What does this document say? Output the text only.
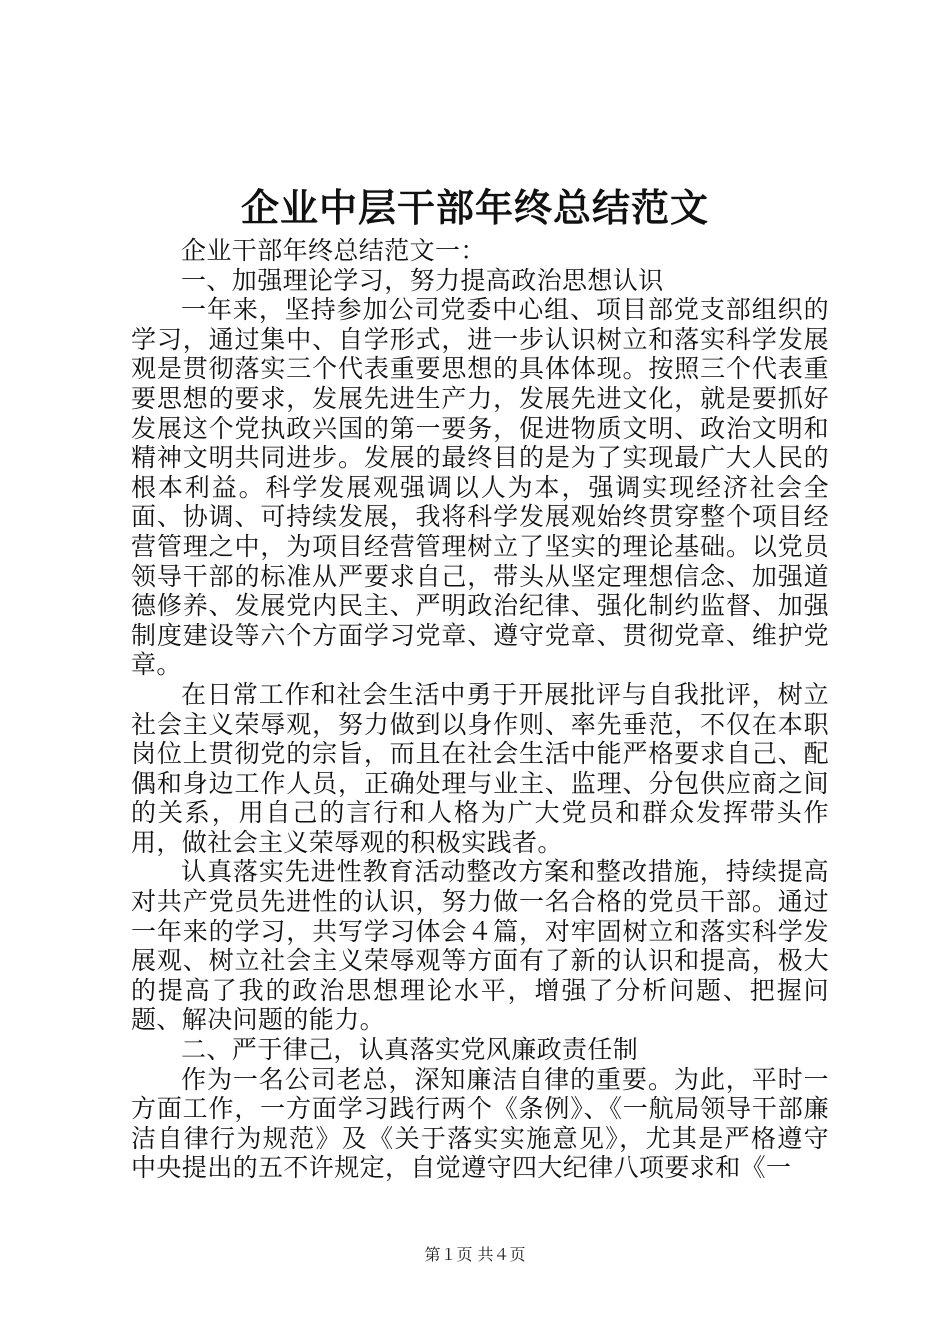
企业中层干部年终总结范文

企业干部年终总结范文一：

一、加强理论学习，努力提高政治思想认识

一年来，坚持参加公司党委中心组、项目部党支部组织的学习，通过集中、自学形式，进一步认识树立和落实科学发展观是贯彻落实三个代表重要思想的具体体现。按照三个代表重要思想的要求，发展先进生产力，发展先进文化，就是要抓好发展这个党执政兴国的第一要务，促进物质文明、政治文明和精神文明共同进步。发展的最终目的是为了实现最广大人民的根本利益。科学发展观强调以人为本，强调实现经济社会全面、协调、可持续发展，我将科学发展观始终贯穿整个项目经营管理之中，为项目经营管理树立了坚实的理论基础。以党员领导干部的标准从严要求自己，带头从坚定理想信念、加强道德修养、发展党内民主、严明政治纪律、强化制约监督、加强制度建设等六个方面学习党章、遵守党章、贯彻党章、维护党章。

在日常工作和社会生活中勇于开展批评与自我批评，树立社会主义荣辱观，努力做到以身作则、率先垂范，不仅在本职岗位上贯彻党的宗旨，而且在社会生活中能严格要求自己、配偶和身边工作人员，正确处理与业主、监理、分包供应商之间的关系，用自己的言行和人格为广大党员和群众发挥带头作用，做社会主义荣辱观的积极实践者。

认真落实先进性教育活动整改方案和整改措施，持续提高对共产党员先进性的认识，努力做一名合格的党员干部。通过一年来的学习，共写学习体会４篇，对牢固树立和落实科学发展观、树立社会主义荣辱观等方面有了新的认识和提高，极大的提高了我的政治思想理论水平，增强了分析问题、把握问题、解决问题的能力。

二、严于律己，认真落实党风廉政责任制

作为一名公司老总，深知廉洁自律的重要。为此，平时一方面工作，一方面学习践行两个《条例》、《一航局领导干部廉洁自律行为规范》及《关于落实实施意见》，尤其是严格遵守中央提出的五不许规定，自觉遵守四大纪律八项要求和《一

第１页 共４页
